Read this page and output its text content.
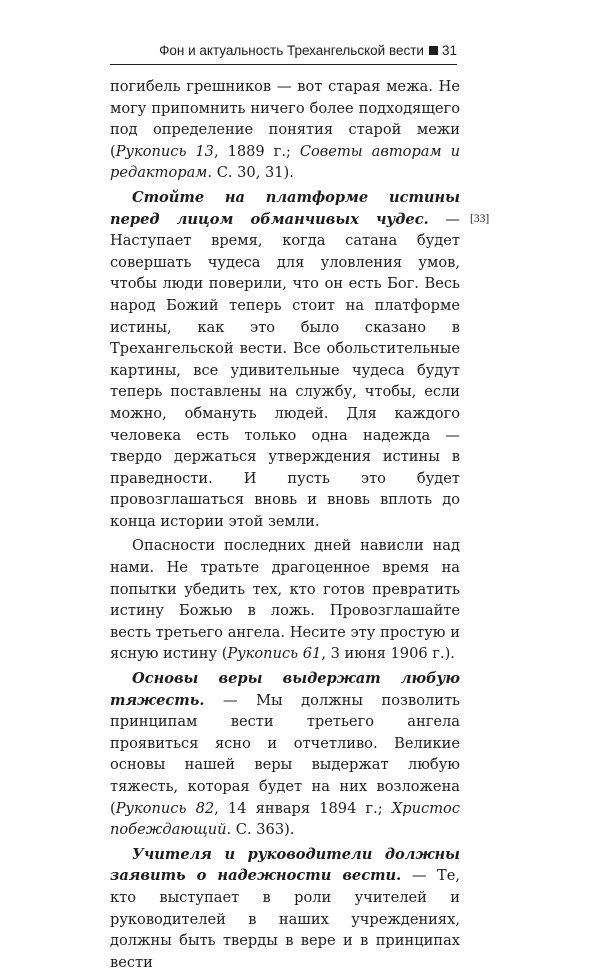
Фон и актуальность Трехангельской вести 31
[33]

погибель грешников — вот старая межа. Не могу припомнить ничего более подходящего под определение понятия старой межи (Рукопись 13, 1889 г.; Советы авторам и редакторам. С. 30, 31).

Стойте на платформе истины перед лицом обманчивых чудес. — Наступает время, когда сатана будет совершать чудеса для уловления умов, чтобы люди поверили, что он есть Бог. Весь народ Божий теперь стоит на платформе истины, как это было сказано в Трехангельской вести. Все обольстительные картины, все удивительные чудеса будут теперь поставлены на службу, чтобы, если можно, обмануть людей. Для каждого человека есть только одна надежда — твердо держаться утверждения истины в праведности. И пусть это будет провозглашаться вновь и вновь вплоть до конца истории этой земли.

Опасности последних дней нависли над нами. Не тратьте драгоценное время на попытки убедить тех, кто готов превратить истину Божью в ложь. Провозглашайте весть третьего ангела. Несите эту простую и ясную истину (Рукопись 61, 3 июня 1906 г.).

Основы веры выдержат любую тяжесть. — Мы должны позволить принципам вести третьего ангела проявиться ясно и отчетливо. Великие основы нашей веры выдержат любую тяжесть, которая будет на них возложена (Рукопись 82, 14 января 1894 г.; Христос побеждающий. С. 363).

Учителя и руководители должны заявить о надежности вести. — Те, кто выступает в роли учителей и руководителей в наших учреждениях, должны быть тверды в вере и в принципах вести
